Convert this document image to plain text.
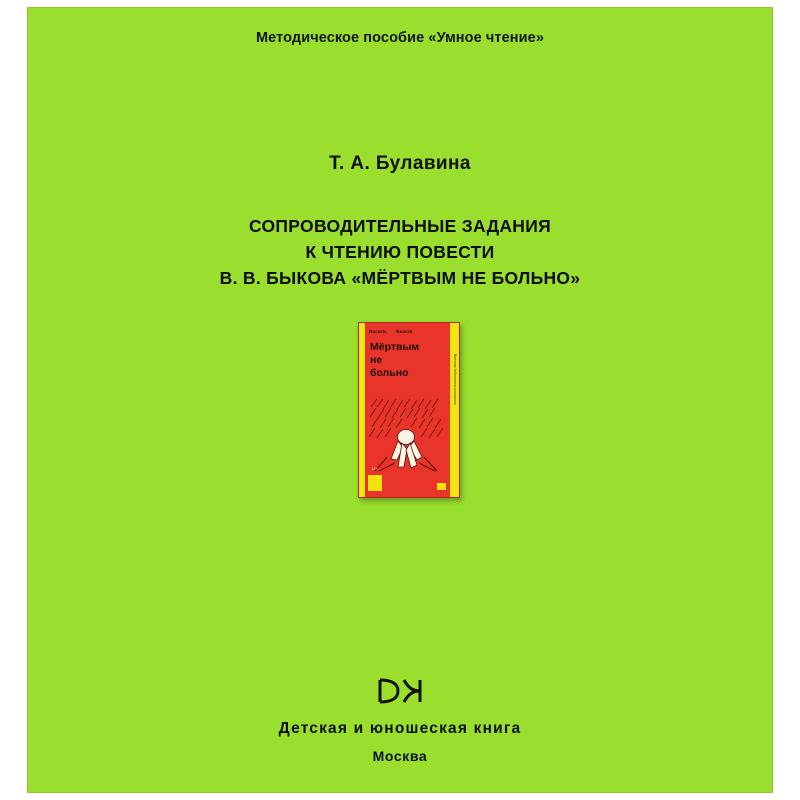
Методическое пособие «Умное чтение»
Т. А. Булавина
СОПРОВОДИТЕЛЬНЫЕ ЗАДАНИЯ
К ЧТЕНИЮ ПОВЕСТИ
В. В. БЫКОВА «МЁРТВЫМ НЕ БОЛЬНО»
Военная библиотека школьника
Василь Быков
Мёртвым
не
больно
12+
Детская и юношеская книга
Москва
